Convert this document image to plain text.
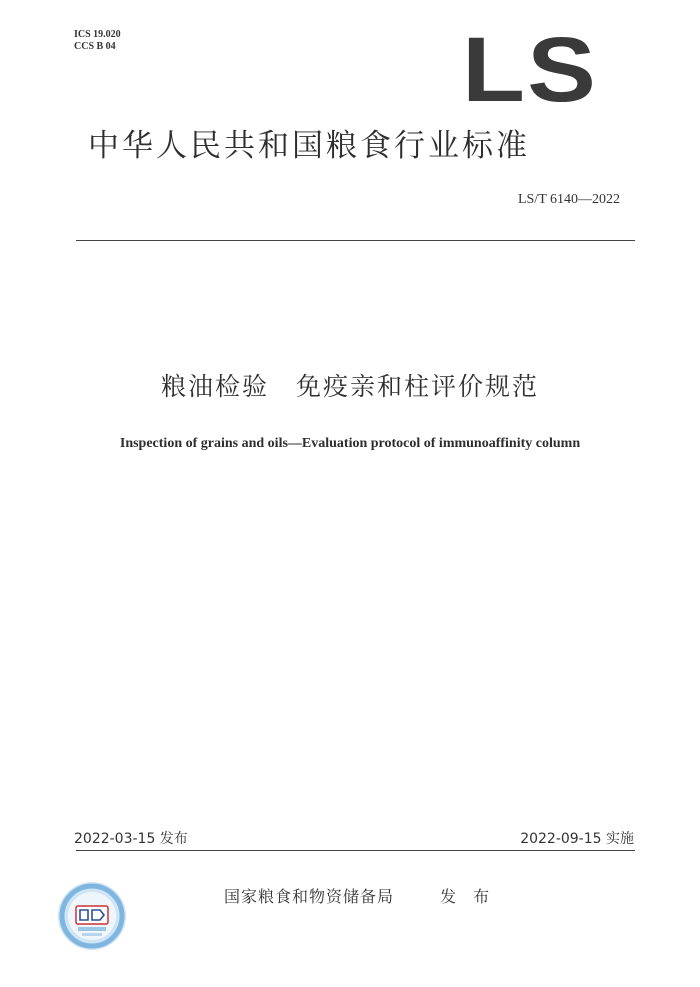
ICS 19.020
CCS B 04	LS
中华人民共和国粮食行业标准
LS/T 6140—2022
粮油检验　免疫亲和柱评价规范
Inspection of grains and oils—Evaluation protocol of immunoaffinity column
2022-03-15 发布	2022-09-15 实施
国家粮食和物资储备局	发 布
